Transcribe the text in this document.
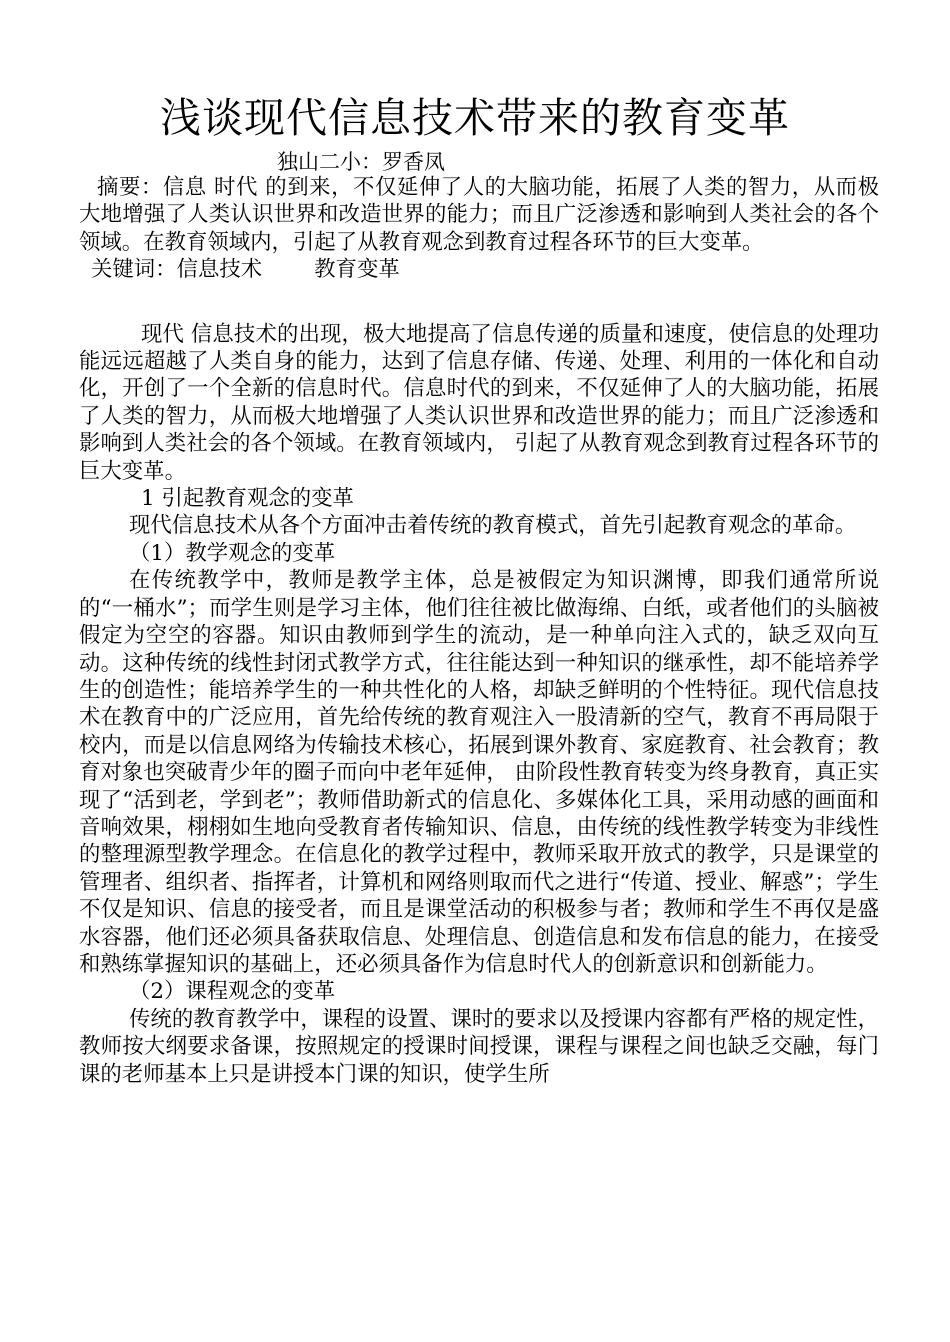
浅谈现代信息技术带来的教育变革
独山二小：罗香凤

摘要：信息 时代 的到来，不仅延伸了人的大脑功能，拓展了人类的智力，从而极大地增强了人类认识世界和改造世界的能力；而且广泛渗透和影响到人类社会的各个领域。在教育领域内，引起了从教育观念到教育过程各环节的巨大变革。

关键词：信息技术 教育变革

现代 信息技术的出现，极大地提高了信息传递的质量和速度，使信息的处理功能远远超越了人类自身的能力，达到了信息存储、传递、处理、利用的一体化和自动化，开创了一个全新的信息时代。信息时代的到来，不仅延伸了人的大脑功能，拓展了人类的智力，从而极大地增强了人类认识世界和改造世界的能力；而且广泛渗透和影响到人类社会的各个领域。在教育领域内， 引起了从教育观念到教育过程各环节的巨大变革。

1 引起教育观念的变革

现代信息技术从各个方面冲击着传统的教育模式，首先引起教育观念的革命。

（1）教学观念的变革

在传统教学中，教师是教学主体，总是被假定为知识渊博，即我们通常所说的“一桶水”；而学生则是学习主体，他们往往被比做海绵、白纸，或者他们的头脑被假定为空空的容器。知识由教师到学生的流动，是一种单向注入式的，缺乏双向互动。这种传统的线性封闭式教学方式，往往能达到一种知识的继承性，却不能培养学生的创造性；能培养学生的一种共性化的人格，却缺乏鲜明的个性特征。现代信息技术在教育中的广泛应用，首先给传统的教育观注入一股清新的空气，教育不再局限于校内，而是以信息网络为传输技术核心，拓展到课外教育、家庭教育、社会教育；教育对象也突破青少年的圈子而向中老年延伸， 由阶段性教育转变为终身教育，真正实现了“活到老，学到老”；教师借助新式的信息化、多媒体化工具，采用动感的画面和音响效果，栩栩如生地向受教育者传输知识、信息，由传统的线性教学转变为非线性的整理源型教学理念。在信息化的教学过程中，教师采取开放式的教学，只是课堂的管理者、组织者、指挥者，计算机和网络则取而代之进行“传道、授业、解惑”；学生不仅是知识、信息的接受者，而且是课堂活动的积极参与者；教师和学生不再仅是盛水容器，他们还必须具备获取信息、处理信息、创造信息和发布信息的能力，在接受和熟练掌握知识的基础上，还必须具备作为信息时代人的创新意识和创新能力。

（2）课程观念的变革

传统的教育教学中，课程的设置、课时的要求以及授课内容都有严格的规定性，教师按大纲要求备课，按照规定的授课时间授课，课程与课程之间也缺乏交融，每门课的老师基本上只是讲授本门课的知识，使学生所
